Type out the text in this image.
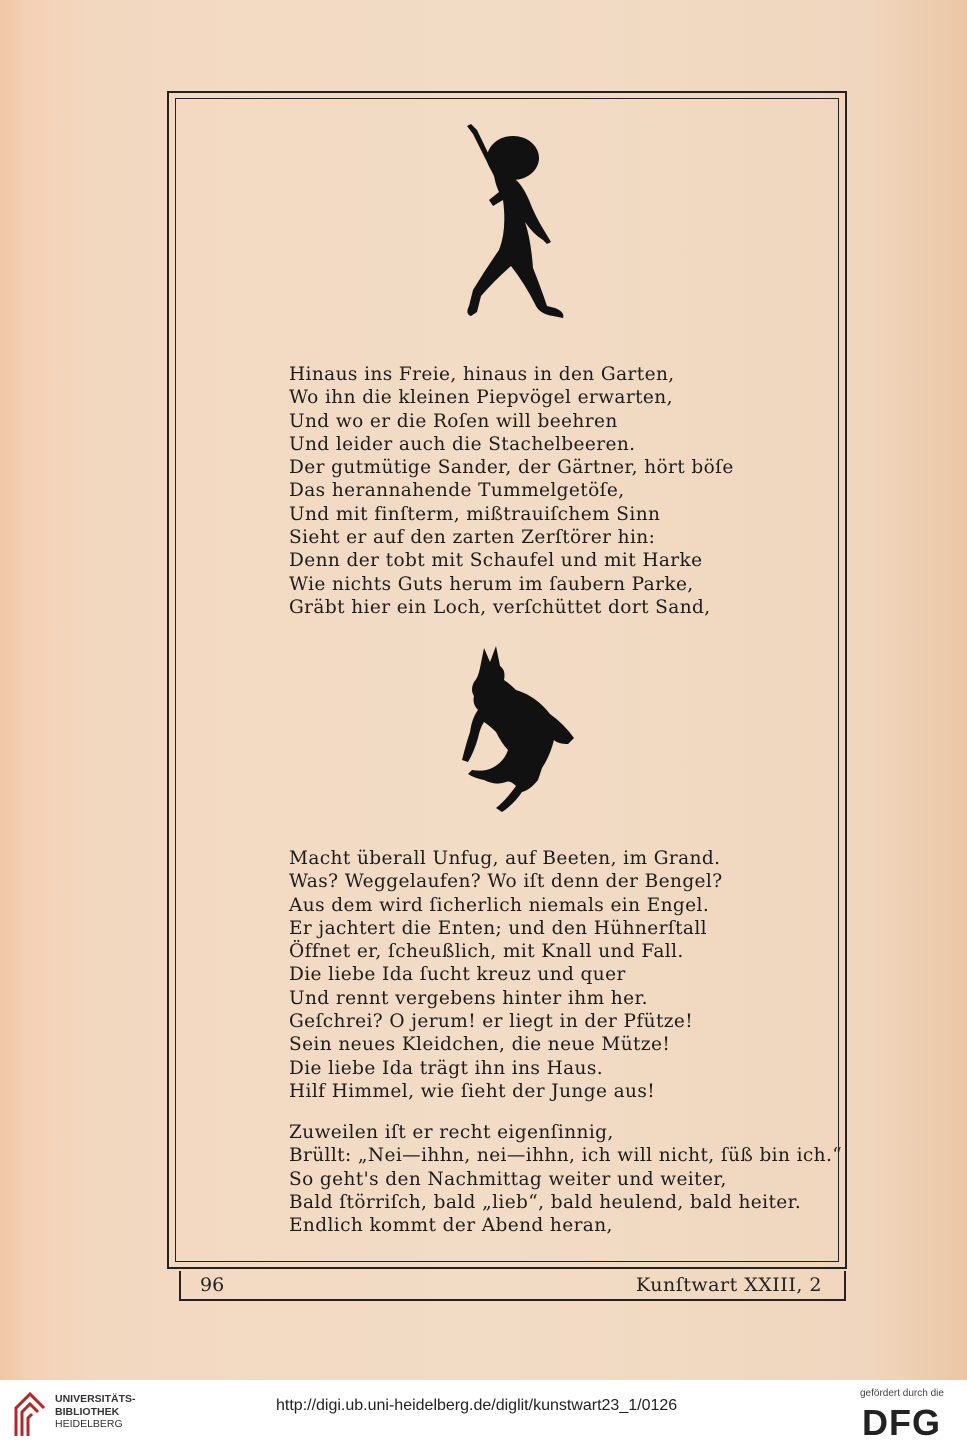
Hinaus ins Freie, hinaus in den Garten,
Wo ihn die kleinen Piepvögel erwarten,
Und wo er die Roſen will beehren
Und leider auch die Stachelbeeren.
Der gutmütige Sander, der Gärtner, hört böſe
Das herannahende Tummelgetöſe,
Und mit finſterm, mißtrauiſchem Sinn
Sieht er auf den zarten Zerſtörer hin:
Denn der tobt mit Schaufel und mit Harke
Wie nichts Guts herum im ſaubern Parke,
Gräbt hier ein Loch, verſchüttet dort Sand,
Macht überall Unfug, auf Beeten, im Grand.
Was? Weggelaufen? Wo iſt denn der Bengel?
Aus dem wird ſicherlich niemals ein Engel.
Er jachtert die Enten; und den Hühnerſtall
Öffnet er, ſcheußlich, mit Knall und Fall.
Die liebe Ida ſucht kreuz und quer
Und rennt vergebens hinter ihm her.
Geſchrei? O jerum! er liegt in der Pfütze!
Sein neues Kleidchen, die neue Mütze!
Die liebe Ida trägt ihn ins Haus.
Hilf Himmel, wie ſieht der Junge aus!
Zuweilen iſt er recht eigenſinnig,
Brüllt: „Nei—ihhn, nei—ihhn, ich will nicht, ſüß bin ich.“
So geht's den Nachmittag weiter und weiter,
Bald ſtörriſch, bald „lieb“, bald heulend, bald heiter.
Endlich kommt der Abend heran,
96	Kunſtwart XXIII, 2
UNIVERSITÄTS-
BIBLIOTHEK
HEIDELBERG
http://digi.ub.uni-heidelberg.de/diglit/kunstwart23_1/0126
gefördert durch die
DFG
